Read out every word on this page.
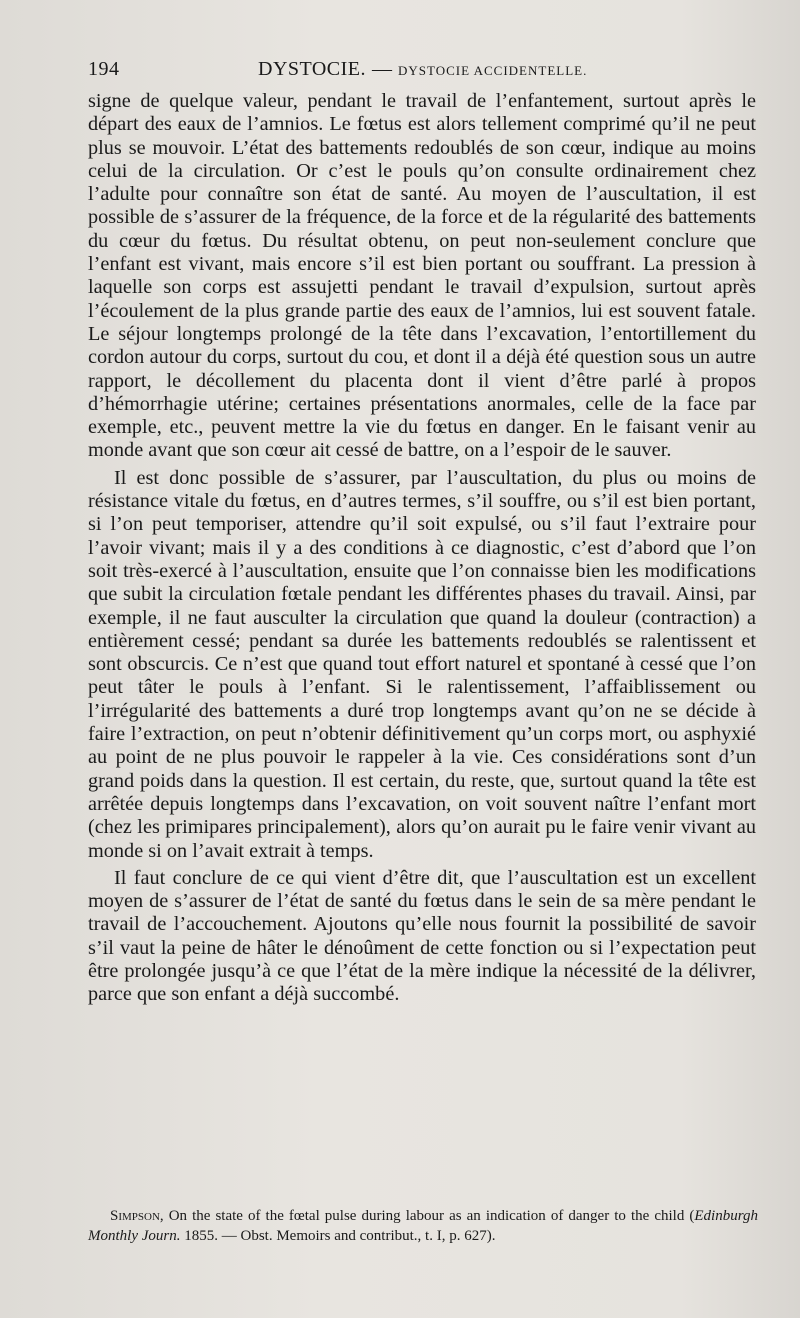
194	DYSTOCIE. — DYSTOCIE ACCIDENTELLE.

signe de quelque valeur, pendant le travail de l’enfantement, surtout après le départ des eaux de l’amnios. Le fœtus est alors tellement comprimé qu’il ne peut plus se mouvoir. L’état des battements redoublés de son cœur, indique au moins celui de la circulation. Or c’est le pouls qu’on consulte ordinairement chez l’adulte pour connaître son état de santé. Au moyen de l’auscultation, il est possible de s’assurer de la fréquence, de la force et de la régularité des battements du cœur du fœtus. Du résultat obtenu, on peut non-seulement conclure que l’enfant est vivant, mais encore s’il est bien portant ou souffrant. La pression à laquelle son corps est assujetti pendant le travail d’expulsion, surtout après l’écoulement de la plus grande partie des eaux de l’amnios, lui est souvent fatale. Le séjour longtemps prolongé de la tête dans l’excavation, l’entortillement du cordon autour du corps, surtout du cou, et dont il a déjà été question sous un autre rapport, le décollement du placenta dont il vient d’être parlé à propos d’hémorrhagie utérine; certaines présentations anormales, celle de la face par exemple, etc., peuvent mettre la vie du fœtus en danger. En le faisant venir au monde avant que son cœur ait cessé de battre, on a l’espoir de le sauver.

Il est donc possible de s’assurer, par l’auscultation, du plus ou moins de résistance vitale du fœtus, en d’autres termes, s’il souffre, ou s’il est bien portant, si l’on peut temporiser, attendre qu’il soit expulsé, ou s’il faut l’extraire pour l’avoir vivant; mais il y a des conditions à ce diagnostic, c’est d’abord que l’on soit très-exercé à l’auscultation, ensuite que l’on connaisse bien les modifications que subit la circulation fœtale pendant les différentes phases du travail. Ainsi, par exemple, il ne faut ausculter la circulation que quand la douleur (contraction) a entièrement cessé; pendant sa durée les battements redoublés se ralentissent et sont obscurcis. Ce n’est que quand tout effort naturel et spontané à cessé que l’on peut tâter le pouls à l’enfant. Si le ralentissement, l’affaiblissement ou l’irrégularité des battements a duré trop longtemps avant qu’on ne se décide à faire l’extraction, on peut n’obtenir définitivement qu’un corps mort, ou asphyxié au point de ne plus pouvoir le rappeler à la vie. Ces considérations sont d’un grand poids dans la question. Il est certain, du reste, que, surtout quand la tête est arrêtée depuis longtemps dans l’excavation, on voit souvent naître l’enfant mort (chez les primipares principalement), alors qu’on aurait pu le faire venir vivant au monde si on l’avait extrait à temps.

Il faut conclure de ce qui vient d’être dit, que l’auscultation est un excellent moyen de s’assurer de l’état de santé du fœtus dans le sein de sa mère pendant le travail de l’accouchement. Ajoutons qu’elle nous fournit la possibilité de savoir s’il vaut la peine de hâter le dénoûment de cette fonction ou si l’expectation peut être prolongée jusqu’à ce que l’état de la mère indique la nécessité de la délivrer, parce que son enfant a déjà succombé.

Simpson, On the state of the fœtal pulse during labour as an indication of danger to the child (Edinburgh Monthly Journ. 1855. — Obst. Memoirs and contribut., t. I, p. 627).
